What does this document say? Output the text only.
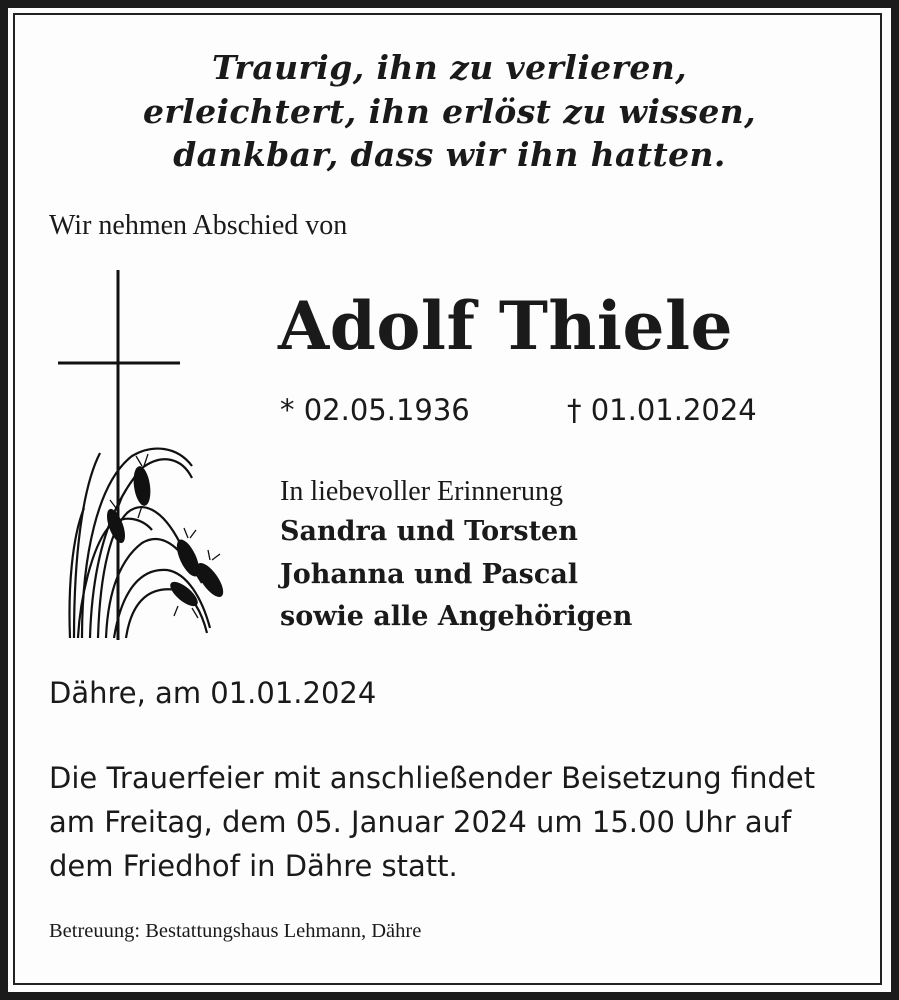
Traurig, ihn zu verlieren,
erleichtert, ihn erlöst zu wissen,
dankbar, dass wir ihn hatten.
Wir nehmen Abschied von
Adolf Thiele
* 02.05.1936	† 01.01.2024
In liebevoller Erinnerung
Sandra und Torsten
Johanna und Pascal
sowie alle Angehörigen
Dähre, am 01.01.2024
Die Trauerfeier mit anschließender Beisetzung findet
am Freitag, dem 05. Januar 2024 um 15.00 Uhr auf
dem Friedhof in Dähre statt.
Betreuung: Bestattungshaus Lehmann, Dähre
